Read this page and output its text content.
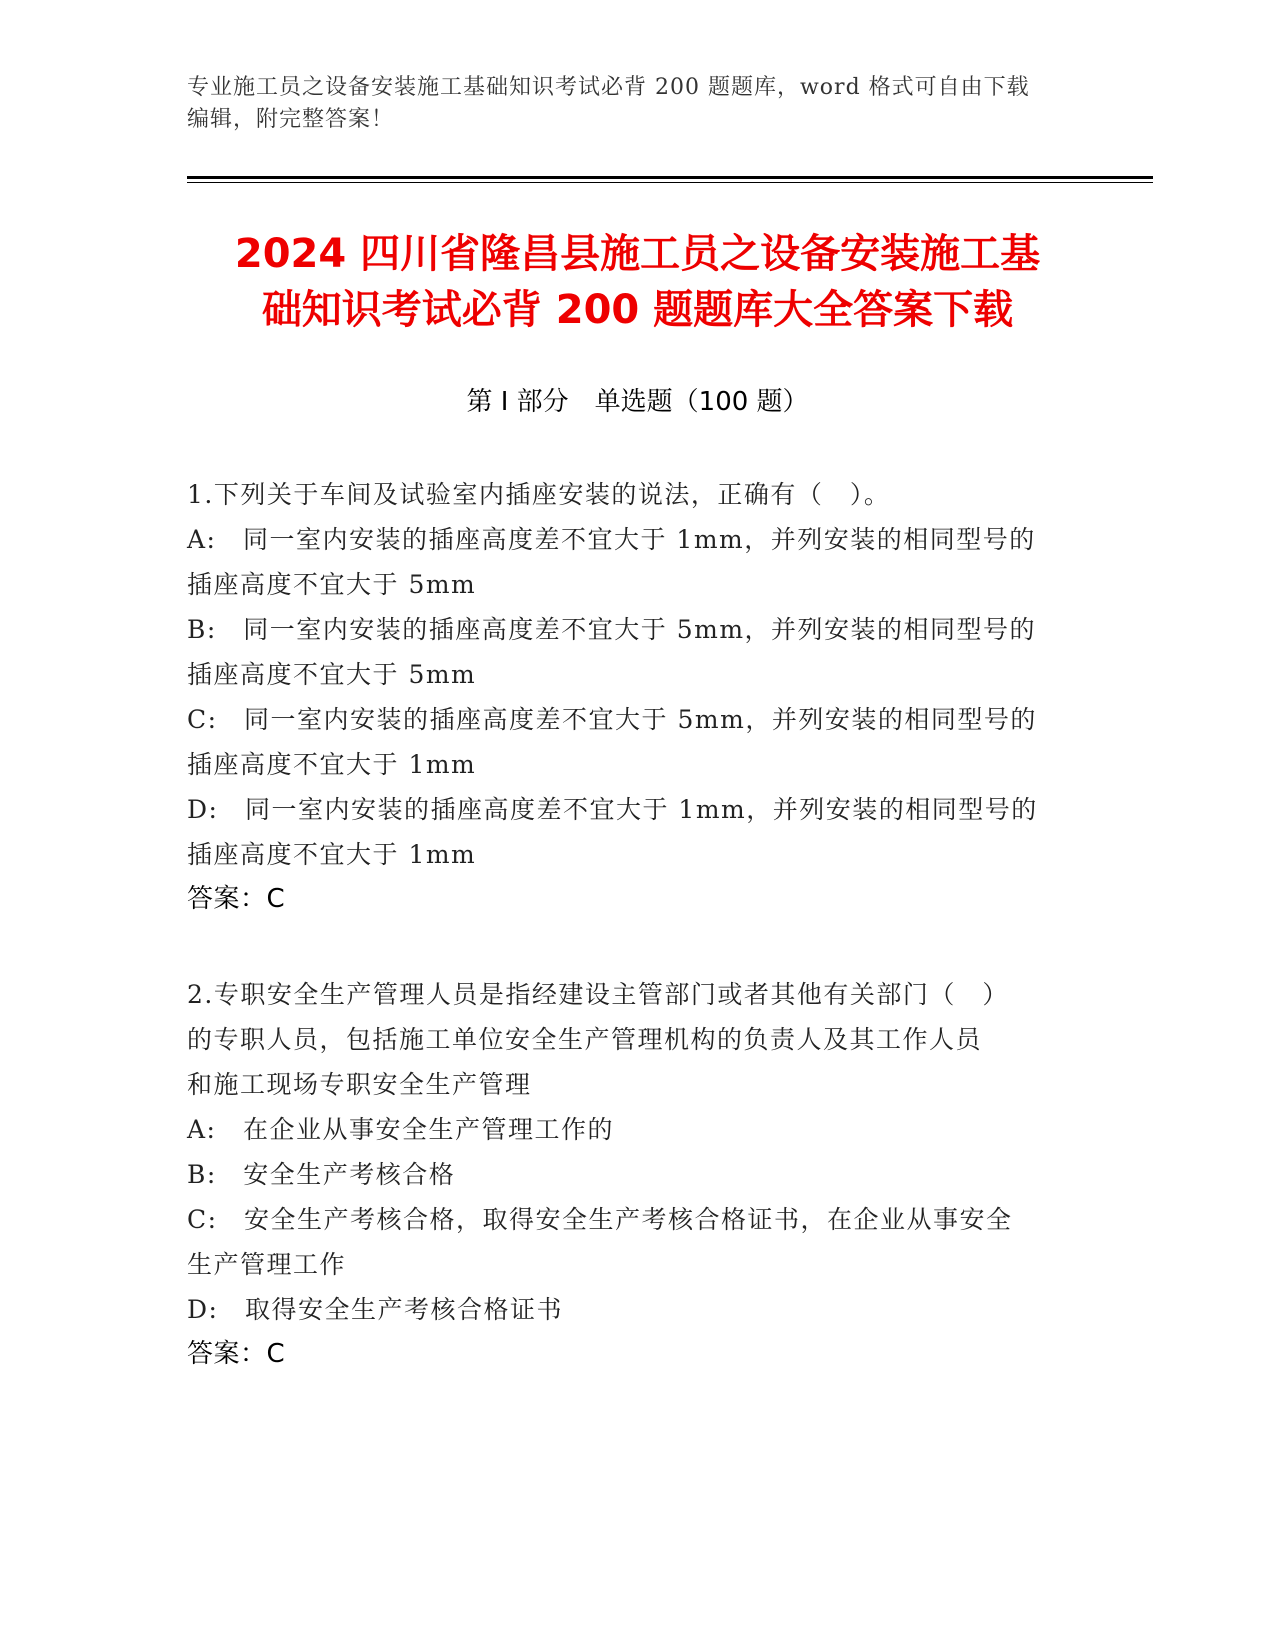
专业施工员之设备安装施工基础知识考试必背 200 题题库，word 格式可自由下载
编辑，附完整答案！
2024 四川省隆昌县施工员之设备安装施工基
础知识考试必背 200 题题库大全答案下载
第 I 部分　单选题（100 题）
1.下列关于车间及试验室内插座安装的说法，正确有（　）。
A:　同一室内安装的插座高度差不宜大于 1mm，并列安装的相同型号的
插座高度不宜大于 5mm
B:　同一室内安装的插座高度差不宜大于 5mm，并列安装的相同型号的
插座高度不宜大于 5mm
C:　同一室内安装的插座高度差不宜大于 5mm，并列安装的相同型号的
插座高度不宜大于 1mm
D:　同一室内安装的插座高度差不宜大于 1mm，并列安装的相同型号的
插座高度不宜大于 1mm
答案：C
2.专职安全生产管理人员是指经建设主管部门或者其他有关部门（　）
的专职人员，包括施工单位安全生产管理机构的负责人及其工作人员
和施工现场专职安全生产管理
A:　在企业从事安全生产管理工作的
B:　安全生产考核合格
C:　安全生产考核合格，取得安全生产考核合格证书，在企业从事安全
生产管理工作
D:　取得安全生产考核合格证书
答案：C
